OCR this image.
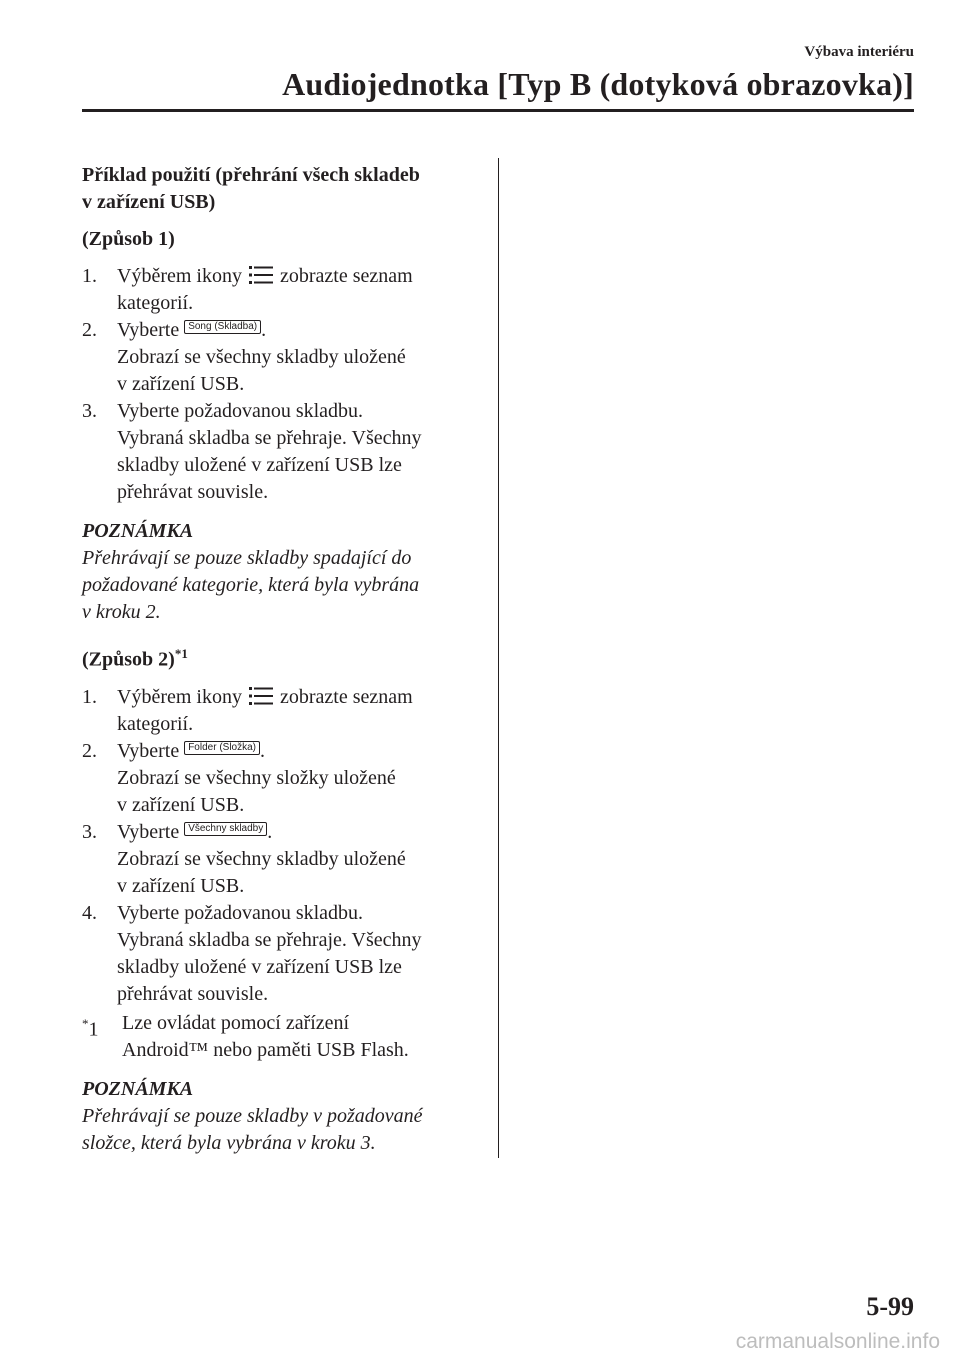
Výbava interiéru
Audiojednotka [Typ B (dotyková obrazovka)]
Příklad použití (přehrání všech skladeb
v zařízení USB)
(Způsob 1)
1. Výběrem ikony zobrazte seznam
kategorií.
2. Vyberte Song (Skladba) .
Zobrazí se všechny skladby uložené
v zařízení USB.
3. Vyberte požadovanou skladbu.
Vybraná skladba se přehraje. Všechny
skladby uložené v zařízení USB lze
přehrávat souvisle.
POZNÁMKA
Přehrávají se pouze skladby spadající do
požadované kategorie, která byla vybrána
v kroku 2.
(Způsob 2)$^{*1}$
1. Výběrem ikony zobrazte seznam
kategorií.
2. Vyberte Folder (Složka) .
Zobrazí se všechny složky uložené
v zařízení USB.
3. Vyberte Všechny skladby .
Zobrazí se všechny skladby uložené
v zařízení USB.
4. Vyberte požadovanou skladbu.
Vybraná skladba se přehraje. Všechny
skladby uložené v zařízení USB lze
přehrávat souvisle.
*1 Lze ovládat pomocí zařízení
Android™ nebo paměti USB Flash.
POZNÁMKA
Přehrávají se pouze skladby v požadované
složce, která byla vybrána v kroku 3.
5-99
carmanualsonline.info
